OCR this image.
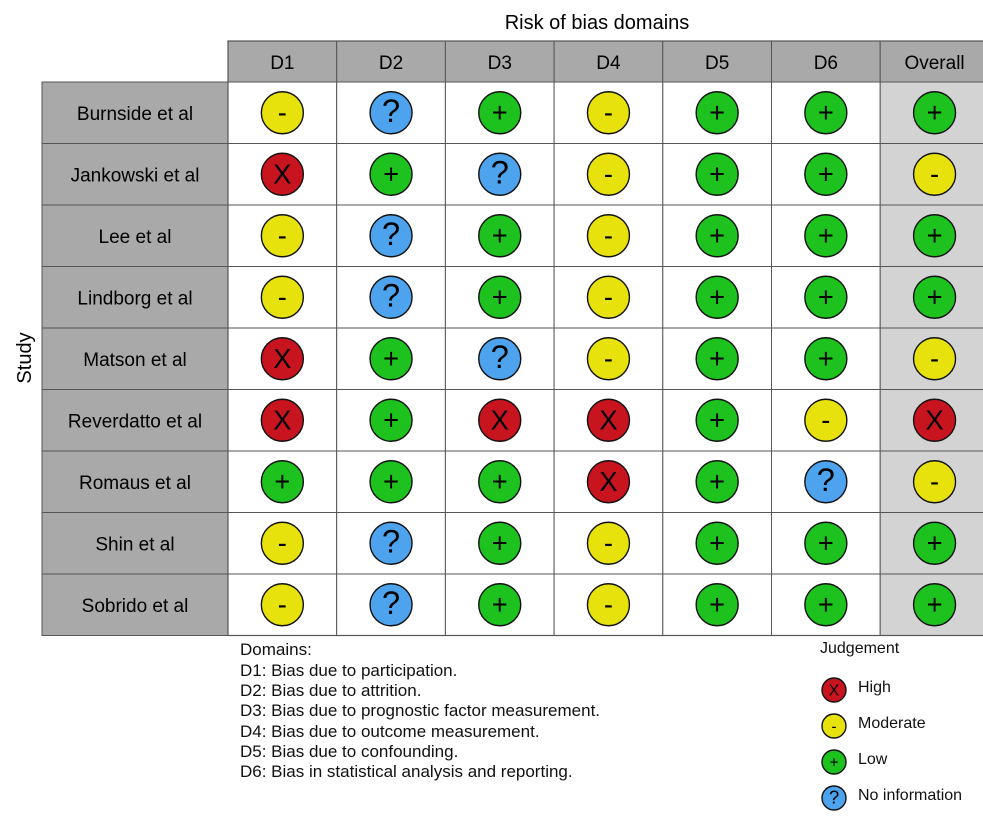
Risk of bias domains
Study
D1	D2	D3	D4	D5	D6	Overall
Burnside et al	-	?	+	-	+	+	+
Jankowski et al	X	+	?	-	+	+	-
Lee et al	-	?	+	-	+	+	+
Lindborg et al	-	?	+	-	+	+	+
Matson et al	X	+	?	-	+	+	-
Reverdatto et al	X	+	X	X	+	-	X
Romaus et al	+	+	+	X	+	?	-
Shin et al	-	?	+	-	+	+	+
Sobrido et al	-	?	+	-	+	+	+
Domains:
D1: Bias due to participation.
D2: Bias due to attrition.
D3: Bias due to prognostic factor measurement.
D4: Bias due to outcome measurement.
D5: Bias due to confounding.
D6: Bias in statistical analysis and reporting.
Judgement
X High
- Moderate
+ Low
? No information
